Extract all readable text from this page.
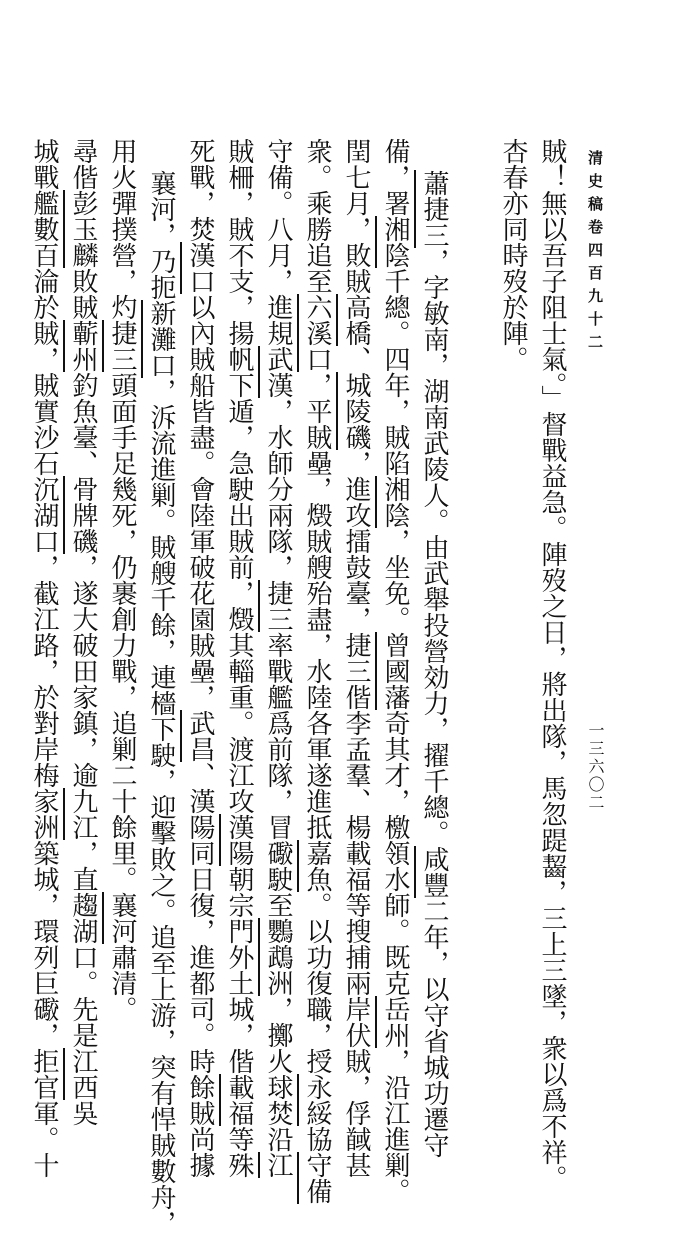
清史稿卷四百九十二
一三六〇二
賊！無以吾子阻士氣。」督戰益急。陣歿之日，將出隊，馬忽踶齧，三上三墜，衆以爲不祥。
杏春亦同時歿於陣。
蕭捷三，字敏南，湖南武陵人。由武舉投營効力，擢千總。咸豐二年，以守省城功遷守
備，署湘陰千總。四年，賊陷湘陰，坐免。曾國藩奇其才，檄領水師。既克岳州，沿江進剿。
閏七月，敗賊高橋、城陵磯，進攻擂鼓臺，捷三偕李孟羣、楊載福等搜捕兩岸伏賊，俘馘甚
衆。乘勝追至六溪口，平賊壘，燬賊艘殆盡，水陸各軍遂進抵嘉魚。以功復職，授永綏協守備
守備。八月，進規武漢，水師分兩隊，捷三率戰艦爲前隊，冒礮駛至鸚鵡洲，擲火球焚沿江
賊柵，賊不支，揚帆下遁，急駛出賊前，燬其輜重。渡江攻漢陽朝宗門外土城，偕載福等殊
死戰，焚漢口以內賊船皆盡。會陸軍破花園賊壘，武昌、漢陽同日復，進都司。時餘賊尚據
襄河，乃扼新灘口，泝流進剿。賊艘千餘，連檣下駛，迎擊敗之。追至上游，突有悍賊數舟，
用火彈撲營，灼捷三頭面手足幾死，仍裹創力戰，追剿二十餘里。襄河肅清。
尋偕彭玉麟敗賊蘄州釣魚臺、骨牌磯，遂大破田家鎮，逾九江，直趨湖口。先是江西吳
城戰艦數百淪於賊，賊實沙石沉湖口，截江路，於對岸梅家洲築城，環列巨礮，拒官軍。十
